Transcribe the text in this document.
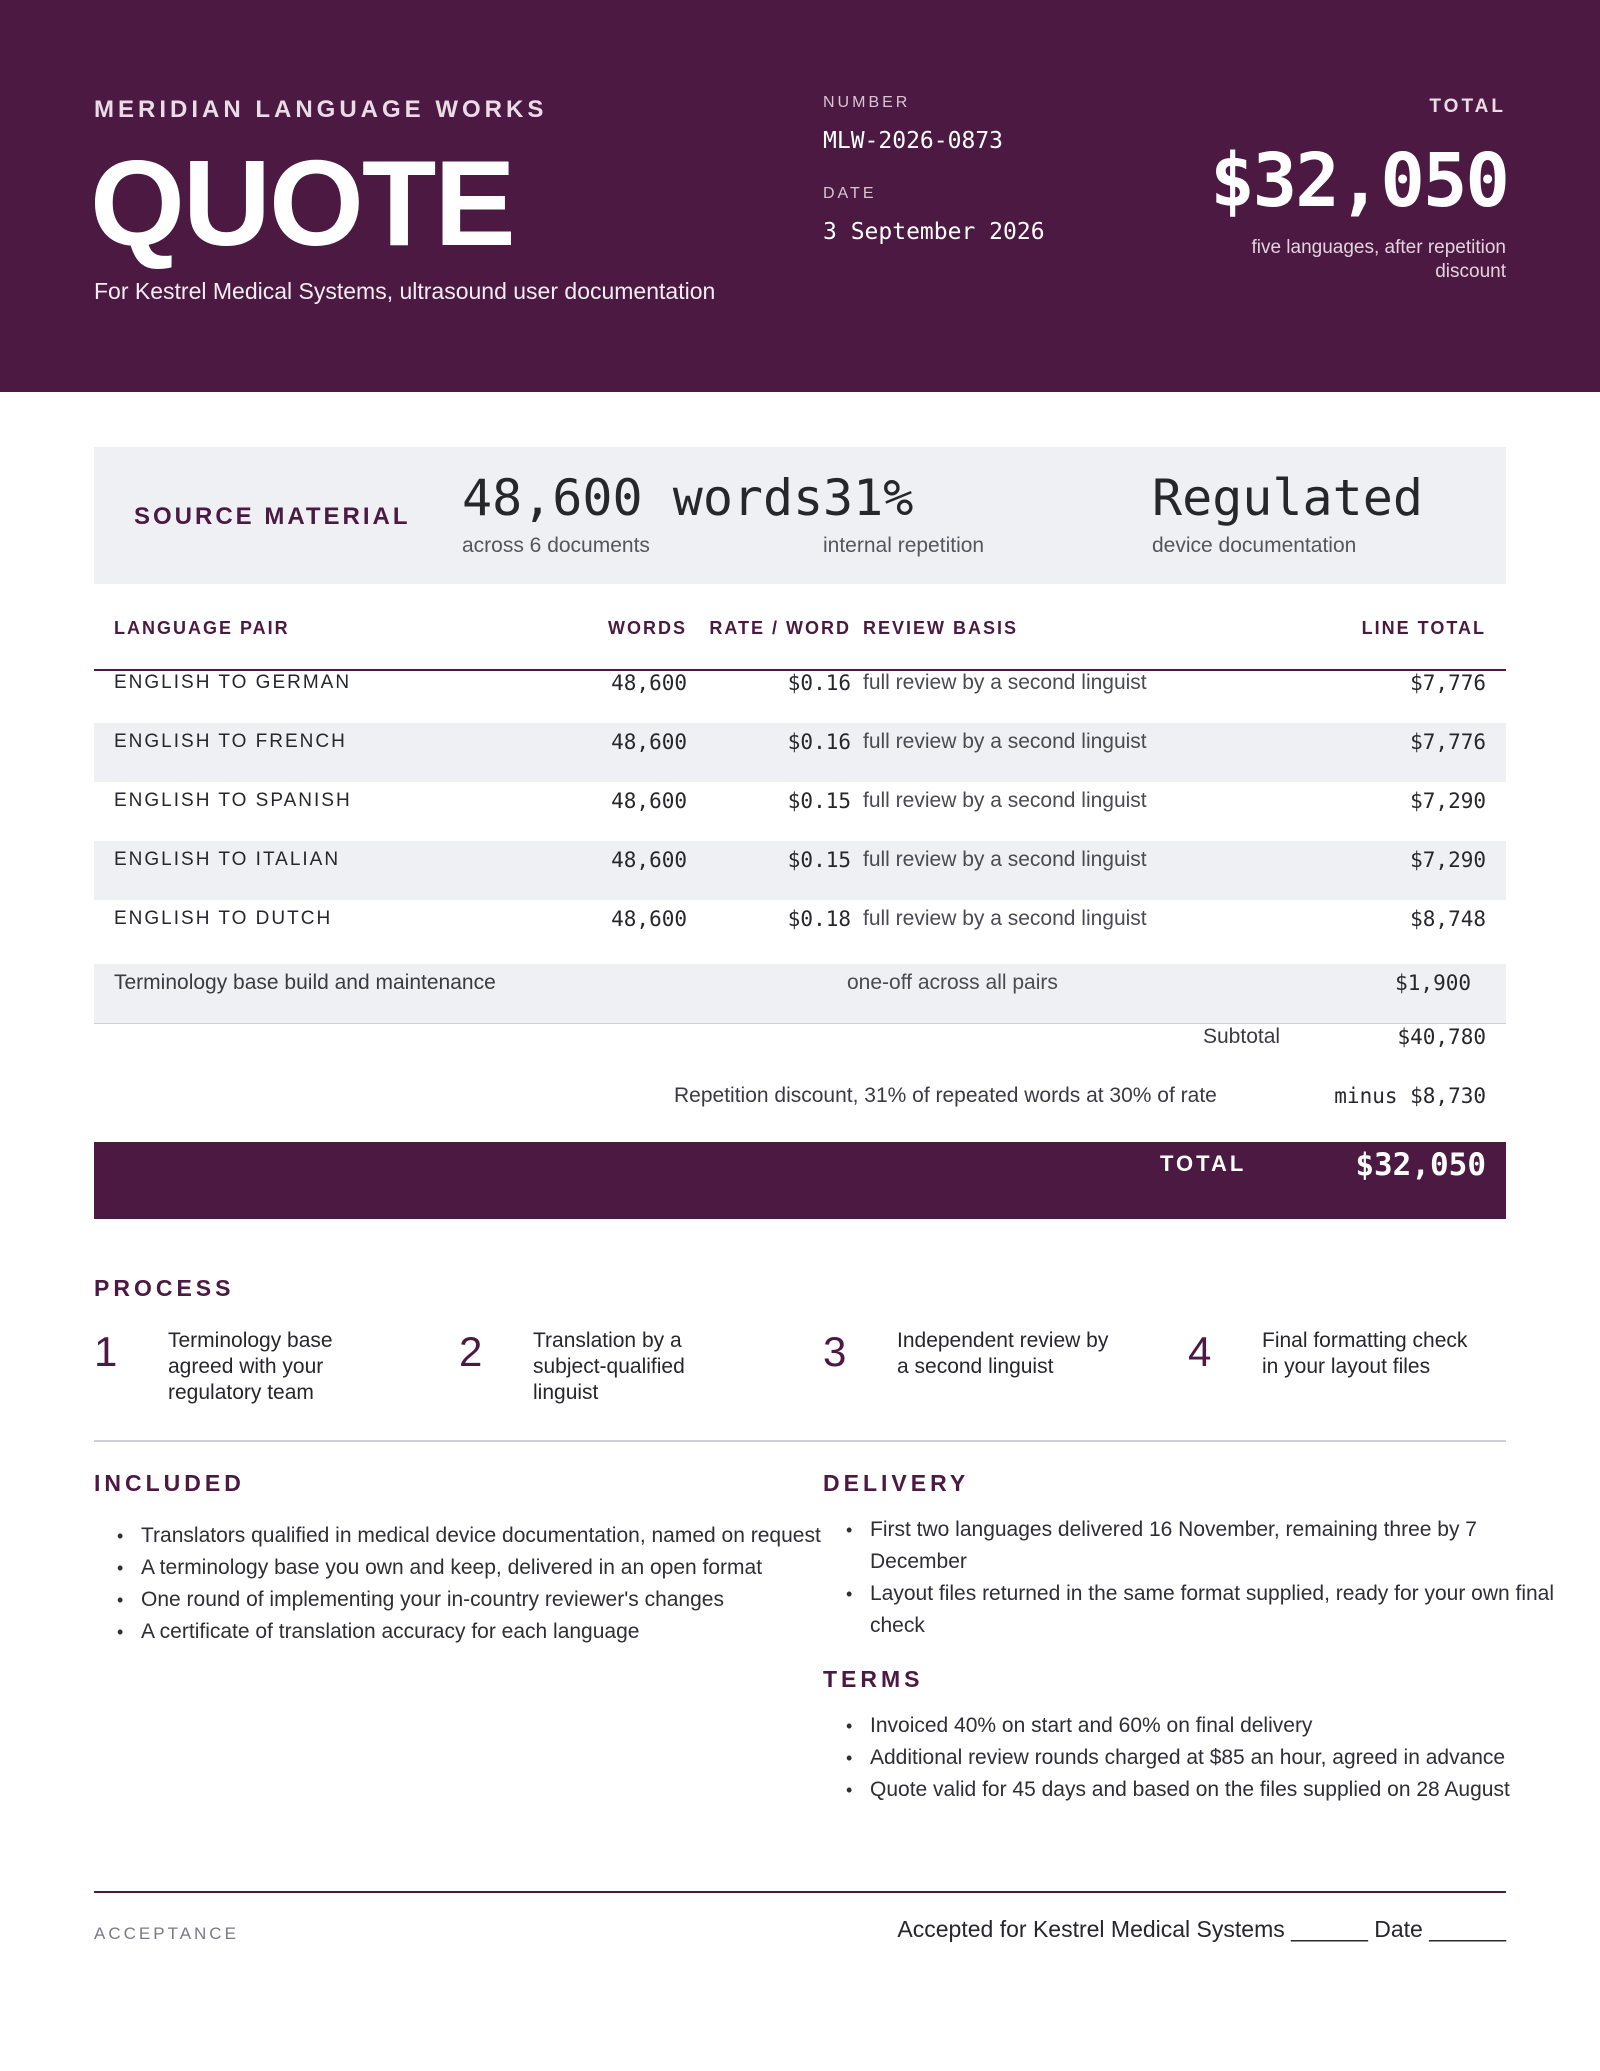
MERIDIAN LANGUAGE WORKS
QUOTE
For Kestrel Medical Systems, ultrasound user documentation
NUMBER
MLW-2026-0873
DATE
3 September 2026
TOTAL
$32,050
five languages, after repetition discount
SOURCE MATERIAL 48,600 words
across 6 documents
31%
internal repetition
Regulated
device documentation
LANGUAGE PAIR	WORDS RATE / WORD REVIEW BASIS	LINE TOTAL
ENGLISH TO GERMAN	48,600	$0.16 full review by a second linguist	$7,776
ENGLISH TO FRENCH	48,600	$0.16 full review by a second linguist	$7,776
ENGLISH TO SPANISH	48,600	$0.15 full review by a second linguist	$7,290
ENGLISH TO ITALIAN	48,600	$0.15 full review by a second linguist	$7,290
ENGLISH TO DUTCH	48,600	$0.18 full review by a second linguist	$8,748
Terminology base build and maintenance	one-off across all pairs	$1,900
Subtotal	$40,780
Repetition discount, 31% of repeated words at 30% of rate	minus $8,730
TOTAL	$32,050
PROCESS
1 Terminology base agreed with your regulatory team
2 Translation by a subject-qualified linguist
3 Independent review by a second linguist	4 Final formatting check in your layout files
INCLUDED
• Translators qualified in medical device documentation, named on request
• A terminology base you own and keep, delivered in an open format
• One round of implementing your in-country reviewer's changes
• A certificate of translation accuracy for each language
DELIVERY
• First two languages delivered 16 November, remaining three by 7 December
• Layout files returned in the same format supplied, ready for your own final check
TERMS
• Invoiced 40% on start and 60% on final delivery
• Additional review rounds charged at $85 an hour, agreed in advance
• Quote valid for 45 days and based on the files supplied on 28 August
ACCEPTANCE	Accepted for Kestrel Medical Systems ______ Date ______
